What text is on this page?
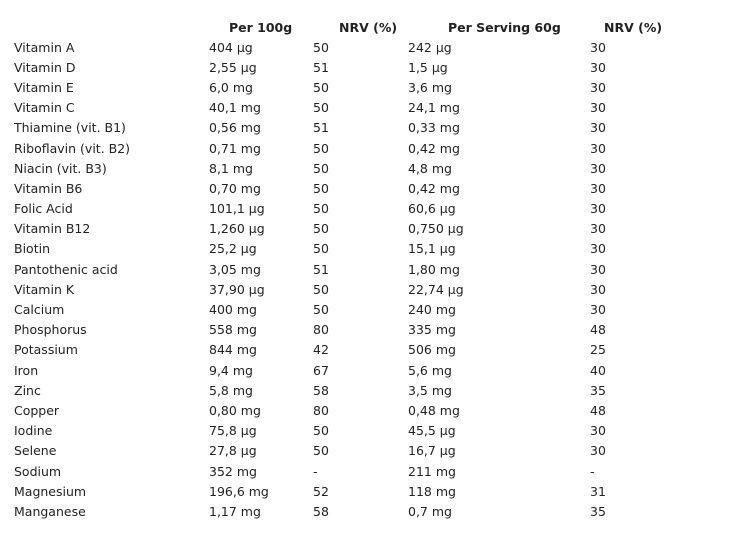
	Per 100g	NRV (%)	Per Serving 60g	NRV (%)
Vitamin A	404 µg	50	242 µg	30
Vitamin D	2,55 µg	51	1,5 µg	30
Vitamin E	6,0 mg	50	3,6 mg	30
Vitamin C	40,1 mg	50	24,1 mg	30
Thiamine (vit. B1)	0,56 mg	51	0,33 mg	30
Riboflavin (vit. B2)	0,71 mg	50	0,42 mg	30
Niacin (vit. B3)	8,1 mg	50	4,8 mg	30
Vitamin B6	0,70 mg	50	0,42 mg	30
Folic Acid	101,1 µg	50	60,6 µg	30
Vitamin B12	1,260 µg	50	0,750 µg	30
Biotin	25,2 µg	50	15,1 µg	30
Pantothenic acid	3,05 mg	51	1,80 mg	30
Vitamin K	37,90 µg	50	22,74 µg	30
Calcium	400 mg	50	240 mg	30
Phosphorus	558 mg	80	335 mg	48
Potassium	844 mg	42	506 mg	25
Iron	9,4 mg	67	5,6 mg	40
Zinc	5,8 mg	58	3,5 mg	35
Copper	0,80 mg	80	0,48 mg	48
Iodine	75,8 µg	50	45,5 µg	30
Selene	27,8 µg	50	16,7 µg	30
Sodium	352 mg	-	211 mg	-
Magnesium	196,6 mg	52	118 mg	31
Manganese	1,17 mg	58	0,7 mg	35
